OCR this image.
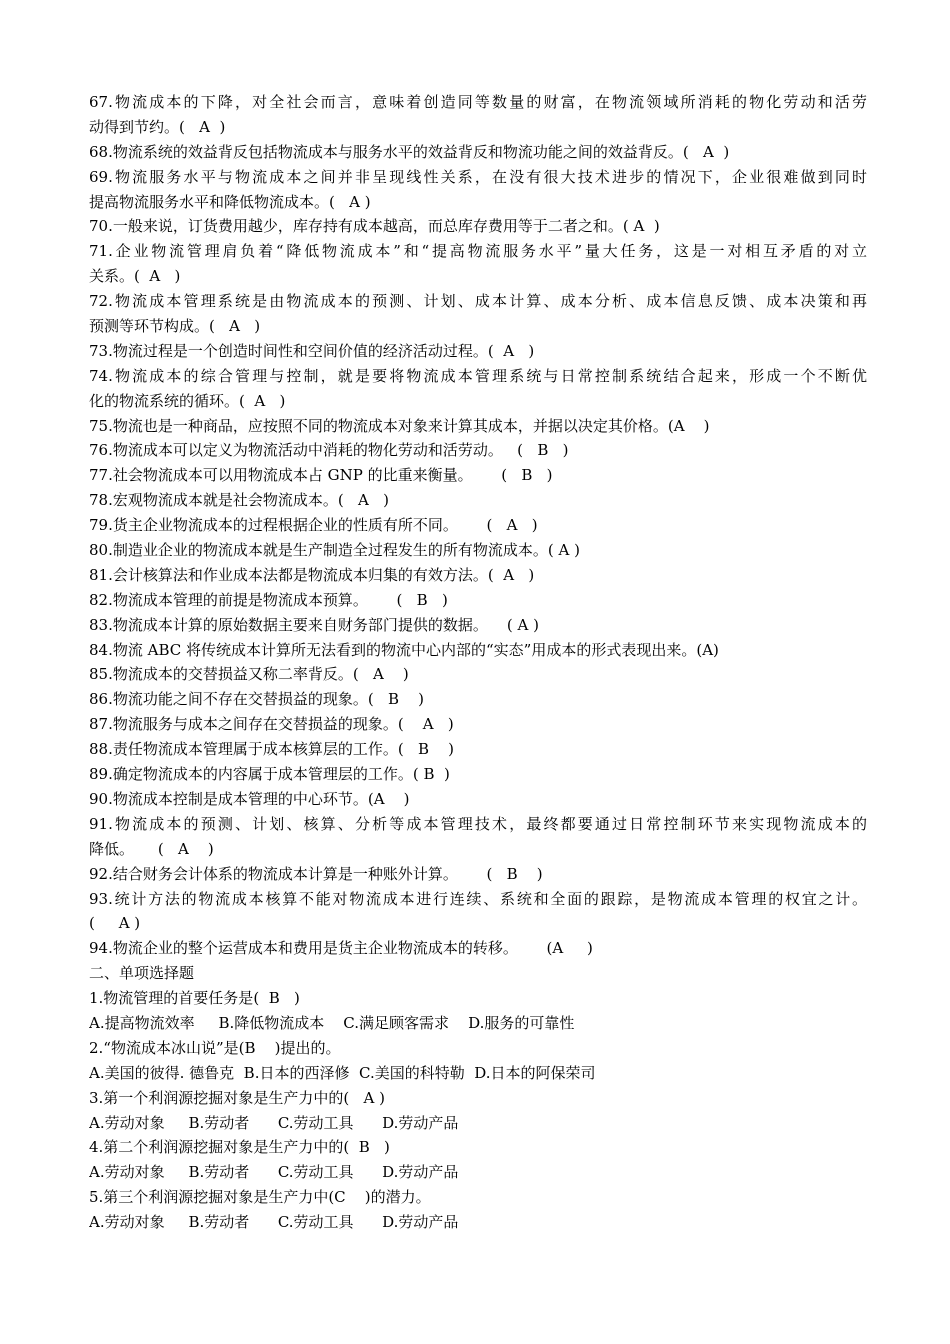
67.物流成本的下降，对全社会而言，意味着创造同等数量的财富，在物流领域所消耗的物化劳动和活劳
动得到节约。(   A  )
68.物流系统的效益背反包括物流成本与服务水平的效益背反和物流功能之间的效益背反。(   A  )
69.物流服务水平与物流成本之间并非呈现线性关系，在没有很大技术进步的情况下，企业很难做到同时
提高物流服务水平和降低物流成本。(   A )
70.一般来说，订货费用越少，库存持有成本越高，而总库存费用等于二者之和。( A  )
71.企业物流管理肩负着“降低物流成本”和“提高物流服务水平”量大任务，这是一对相互矛盾的对立
关系。(  A   )
72.物流成本管理系统是由物流成本的预测、计划、成本计算、成本分析、成本信息反馈、成本决策和再
预测等环节构成。(   A   )
73.物流过程是一个创造时间性和空间价值的经济活动过程。(  A   )
74.物流成本的综合管理与控制，就是要将物流成本管理系统与日常控制系统结合起来，形成一个不断优
化的物流系统的循环。(  A   )
75.物流也是一种商品，应按照不同的物流成本对象来计算其成本，并据以决定其价格。(A    )
76.物流成本可以定义为物流活动中消耗的物化劳动和活劳动。   (   B   )
77.社会物流成本可以用物流成本占 GNP 的比重来衡量。      (   B   )
78.宏观物流成本就是社会物流成本。(   A   )
79.货主企业物流成本的过程根据企业的性质有所不同。      (   A   )
80.制造业企业的物流成本就是生产制造全过程发生的所有物流成本。( A )
81.会计核算法和作业成本法都是物流成本归集的有效方法。(  A   )
82.物流成本管理的前提是物流成本预算。      (   B   )
83.物流成本计算的原始数据主要来自财务部门提供的数据。    ( A )
84.物流 ABC 将传统成本计算所无法看到的物流中心内部的“实态”用成本的形式表现出来。(A)
85.物流成本的交替损益又称二率背反。(   A    )
86.物流功能之间不存在交替损益的现象。(   B    )
87.物流服务与成本之间存在交替损益的现象。(    A   )
88.责任物流成本管理属于成本核算层的工作。(   B    )
89.确定物流成本的内容属于成本管理层的工作。( B  )
90.物流成本控制是成本管理的中心环节。(A    )
91.物流成本的预测、计划、核算、分析等成本管理技术，最终都要通过日常控制环节来实现物流成本的
降低。     (   A    )
92.结合财务会计体系的物流成本计算是一种账外计算。      (   B    )
93.统计方法的物流成本核算不能对物流成本进行连续、系统和全面的跟踪，是物流成本管理的权宜之计。
(     A )
94.物流企业的整个运营成本和费用是货主企业物流成本的转移。      (A     )
二、单项选择题
1.物流管理的首要任务是(  B   )
A.提高物流效率     B.降低物流成本    C.满足顾客需求    D.服务的可靠性
2.“物流成本冰山说”是(B    )提出的。
A.美国的彼得. 德鲁克  B.日本的西泽修  C.美国的科特勒  D.日本的阿保荣司
3.第一个利润源挖掘对象是生产力中的(   A )
A.劳动对象     B.劳动者      C.劳动工具      D.劳动产品
4.第二个利润源挖掘对象是生产力中的(  B   )
A.劳动对象     B.劳动者      C.劳动工具      D.劳动产品
5.第三个利润源挖掘对象是生产力中(C    )的潜力。
A.劳动对象     B.劳动者      C.劳动工具      D.劳动产品
